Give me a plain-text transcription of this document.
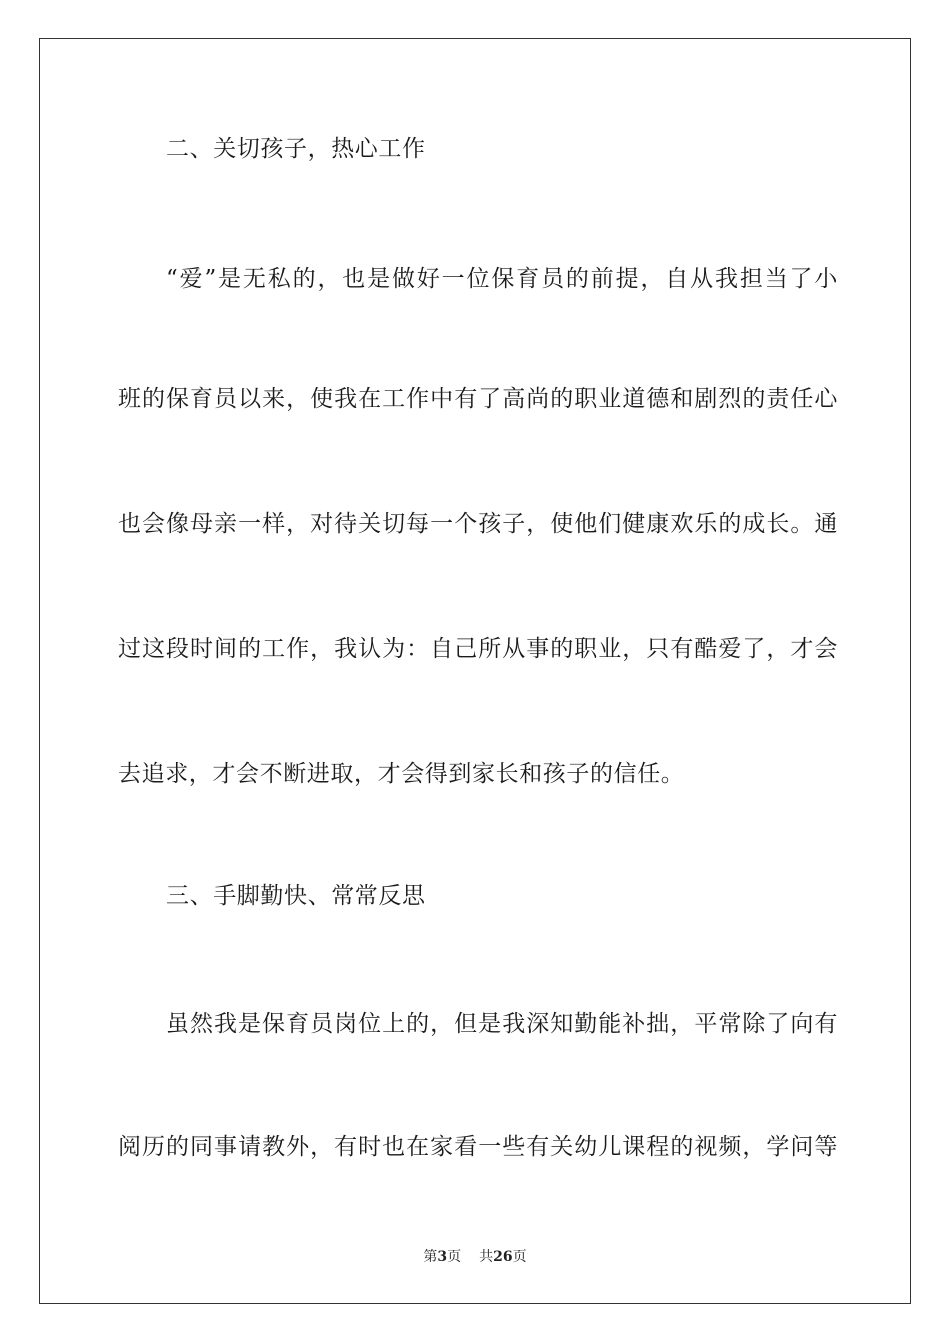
二、关切孩子，热心工作
“爱”是无私的，也是做好一位保育员的前提，自从我担当了小
班的保育员以来，使我在工作中有了高尚的职业道德和剧烈的责任心
也会像母亲一样，对待关切每一个孩子，使他们健康欢乐的成长。通
过这段时间的工作，我认为：自己所从事的职业，只有酷爱了，才会
去追求，才会不断进取，才会得到家长和孩子的信任。
三、手脚勤快、常常反思
虽然我是保育员岗位上的，但是我深知勤能补拙，平常除了向有
阅历的同事请教外，有时也在家看一些有关幼儿课程的视频，学问等
第3页 共26页
